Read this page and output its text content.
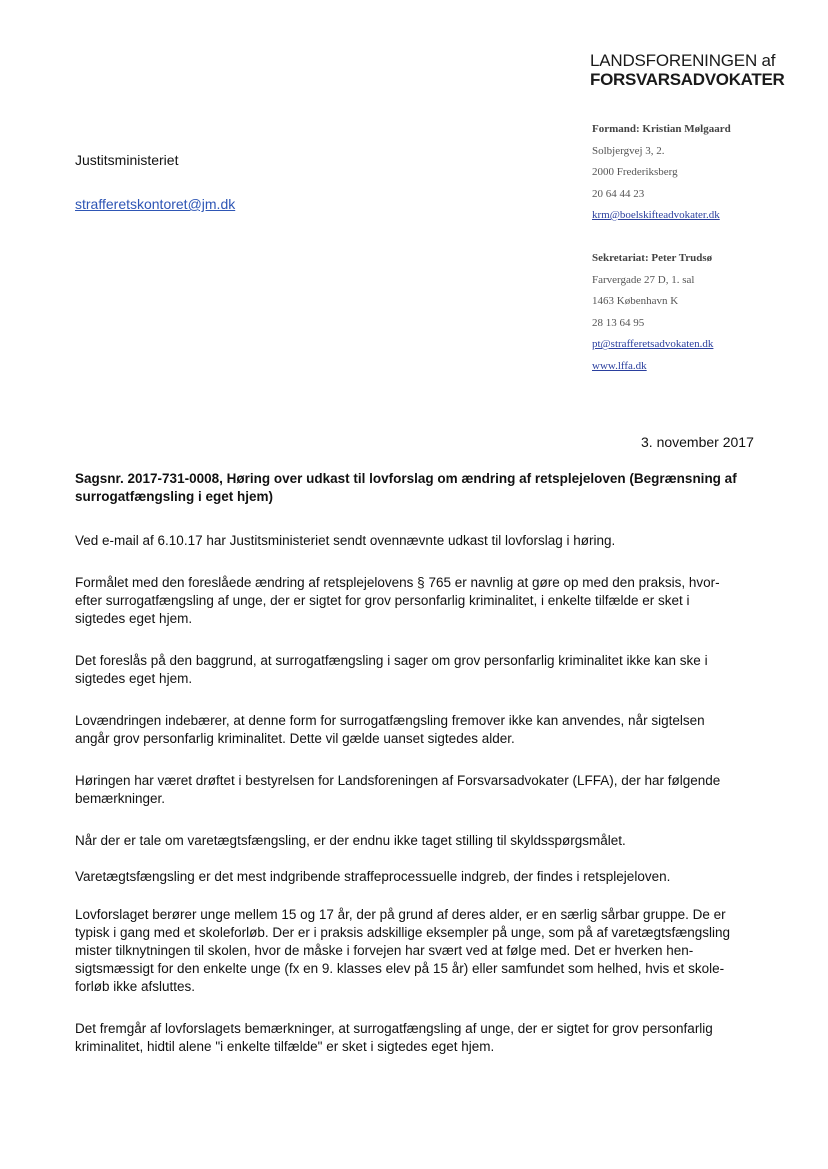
LANDSFORENINGEN af
FORSVARSADVOKATER
Formand: Kristian Mølgaard
Solbjergvej 3, 2.
2000 Frederiksberg
20 64 44 23
krm@boelskifteadvokater.dk
Sekretariat: Peter Trudsø
Farvergade 27 D, 1. sal
1463 København K
28 13 64 95
pt@strafferetsadvokaten.dk
www.lffa.dk
Justitsministeriet
strafferetskontoret@jm.dk
3. november 2017

Sagsnr. 2017-731-0008, Høring over udkast til lovforslag om ændring af retsplejeloven (Begrænsning af
surrogatfængsling i eget hjem)

Ved e-mail af 6.10.17 har Justitsministeriet sendt ovennævnte udkast til lovforslag i høring.

Formålet med den foreslåede ændring af retsplejelovens § 765 er navnlig at gøre op med den praksis, hvor-
efter surrogatfængsling af unge, der er sigtet for grov personfarlig kriminalitet, i enkelte tilfælde er sket i
sigtedes eget hjem.

Det foreslås på den baggrund, at surrogatfængsling i sager om grov personfarlig kriminalitet ikke kan ske i
sigtedes eget hjem.

Lovændringen indebærer, at denne form for surrogatfængsling fremover ikke kan anvendes, når sigtelsen
angår grov personfarlig kriminalitet. Dette vil gælde uanset sigtedes alder.

Høringen har været drøftet i bestyrelsen for Landsforeningen af Forsvarsadvokater (LFFA), der har følgende
bemærkninger.

Når der er tale om varetægtsfængsling, er der endnu ikke taget stilling til skyldsspørgsmålet.

Varetægtsfængsling er det mest indgribende straffeprocessuelle indgreb, der findes i retsplejeloven.

Lovforslaget berører unge mellem 15 og 17 år, der på grund af deres alder, er en særlig sårbar gruppe. De er
typisk i gang med et skoleforløb. Der er i praksis adskillige eksempler på unge, som på af varetægtsfængsling
mister tilknytningen til skolen, hvor de måske i forvejen har svært ved at følge med. Det er hverken hen-
sigtsmæssigt for den enkelte unge (fx en 9. klasses elev på 15 år) eller samfundet som helhed, hvis et skole-
forløb ikke afsluttes.

Det fremgår af lovforslagets bemærkninger, at surrogatfængsling af unge, der er sigtet for grov personfarlig
kriminalitet, hidtil alene "i enkelte tilfælde" er sket i sigtedes eget hjem.
